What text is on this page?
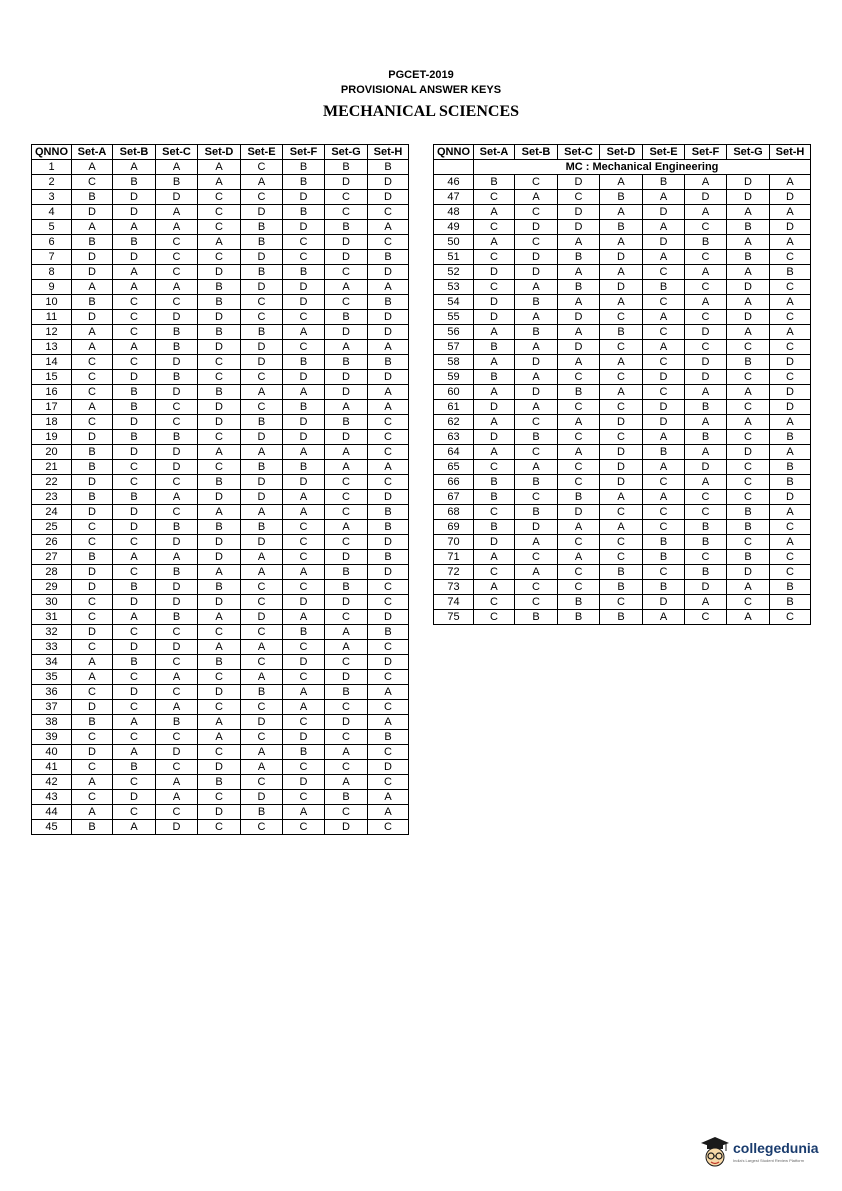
PGCET-2019
PROVISIONAL ANSWER KEYS
MECHANICAL SCIENCES
QNNO	Set-A	Set-B	Set-C	Set-D	Set-E	Set-F	Set-G	Set-H
1	A	A	A	A	C	B	B	B
2	C	B	B	A	A	B	D	D
3	B	D	D	C	C	D	C	D
4	D	D	A	C	D	B	C	C
5	A	A	A	C	B	D	B	A
6	B	B	C	A	B	C	D	C
7	D	D	C	C	D	C	D	B
8	D	A	C	D	B	B	C	D
9	A	A	A	B	D	D	A	A
10	B	C	C	B	C	D	C	B
11	D	C	D	D	C	C	B	D
12	A	C	B	B	B	A	D	D
13	A	A	B	D	D	C	A	A
14	C	C	D	C	D	B	B	B
15	C	D	B	C	C	D	D	D
16	C	B	D	B	A	A	D	A
17	A	B	C	D	C	B	A	A
18	C	D	C	D	B	D	B	C
19	D	B	B	C	D	D	D	C
20	B	D	D	A	A	A	A	C
21	B	C	D	C	B	B	A	A
22	D	C	C	B	D	D	C	C
23	B	B	A	D	D	A	C	D
24	D	D	C	A	A	A	C	B
25	C	D	B	B	B	C	A	B
26	C	C	D	D	D	C	C	D
27	B	A	A	D	A	C	D	B
28	D	C	B	A	A	A	B	D
29	D	B	D	B	C	C	B	C
30	C	D	D	D	C	D	D	C
31	C	A	B	A	D	A	C	D
32	D	C	C	C	C	B	A	B
33	C	D	D	A	A	C	A	C
34	A	B	C	B	C	D	C	D
35	A	C	A	C	A	C	D	C
36	C	D	C	D	B	A	B	A
37	D	C	A	C	C	A	C	C
38	B	A	B	A	D	C	D	A
39	C	C	C	A	C	D	C	B
40	D	A	D	C	A	B	A	C
41	C	B	C	D	A	C	C	D
42	A	C	A	B	C	D	A	C
43	C	D	A	C	D	C	B	A
44	A	C	C	D	B	A	C	A
45	B	A	D	C	C	C	D	C
QNNO	Set-A	Set-B	Set-C	Set-D	Set-E	Set-F	Set-G	Set-H
	MC : Mechanical Engineering							
46	B	C	D	A	B	A	D	A
47	C	A	C	B	A	D	D	D
48	A	C	D	A	D	A	A	A
49	C	D	D	B	A	C	B	D
50	A	C	A	A	D	B	A	A
51	C	D	B	D	A	C	B	C
52	D	D	A	A	C	A	A	B
53	C	A	B	D	B	C	D	C
54	D	B	A	A	C	A	A	A
55	D	A	D	C	A	C	D	C
56	A	B	A	B	C	D	A	A
57	B	A	D	C	A	C	C	C
58	A	D	A	A	C	D	B	D
59	B	A	C	C	D	D	C	C
60	A	D	B	A	C	A	A	D
61	D	A	C	C	D	B	C	D
62	A	C	A	D	D	A	A	A
63	D	B	C	C	A	B	C	B
64	A	C	A	D	B	A	D	A
65	C	A	C	D	A	D	C	B
66	B	B	C	D	C	A	C	B
67	B	C	B	A	A	C	C	D
68	C	B	D	C	C	C	B	A
69	B	D	A	A	C	B	B	C
70	D	A	C	C	B	B	C	A
71	A	C	A	C	B	C	B	C
72	C	A	C	B	C	B	D	C
73	A	C	C	B	B	D	A	B
74	C	C	B	C	D	A	C	B
75	C	B	B	B	A	C	A	C
collegedunia
India's Largest Student Review Platform
